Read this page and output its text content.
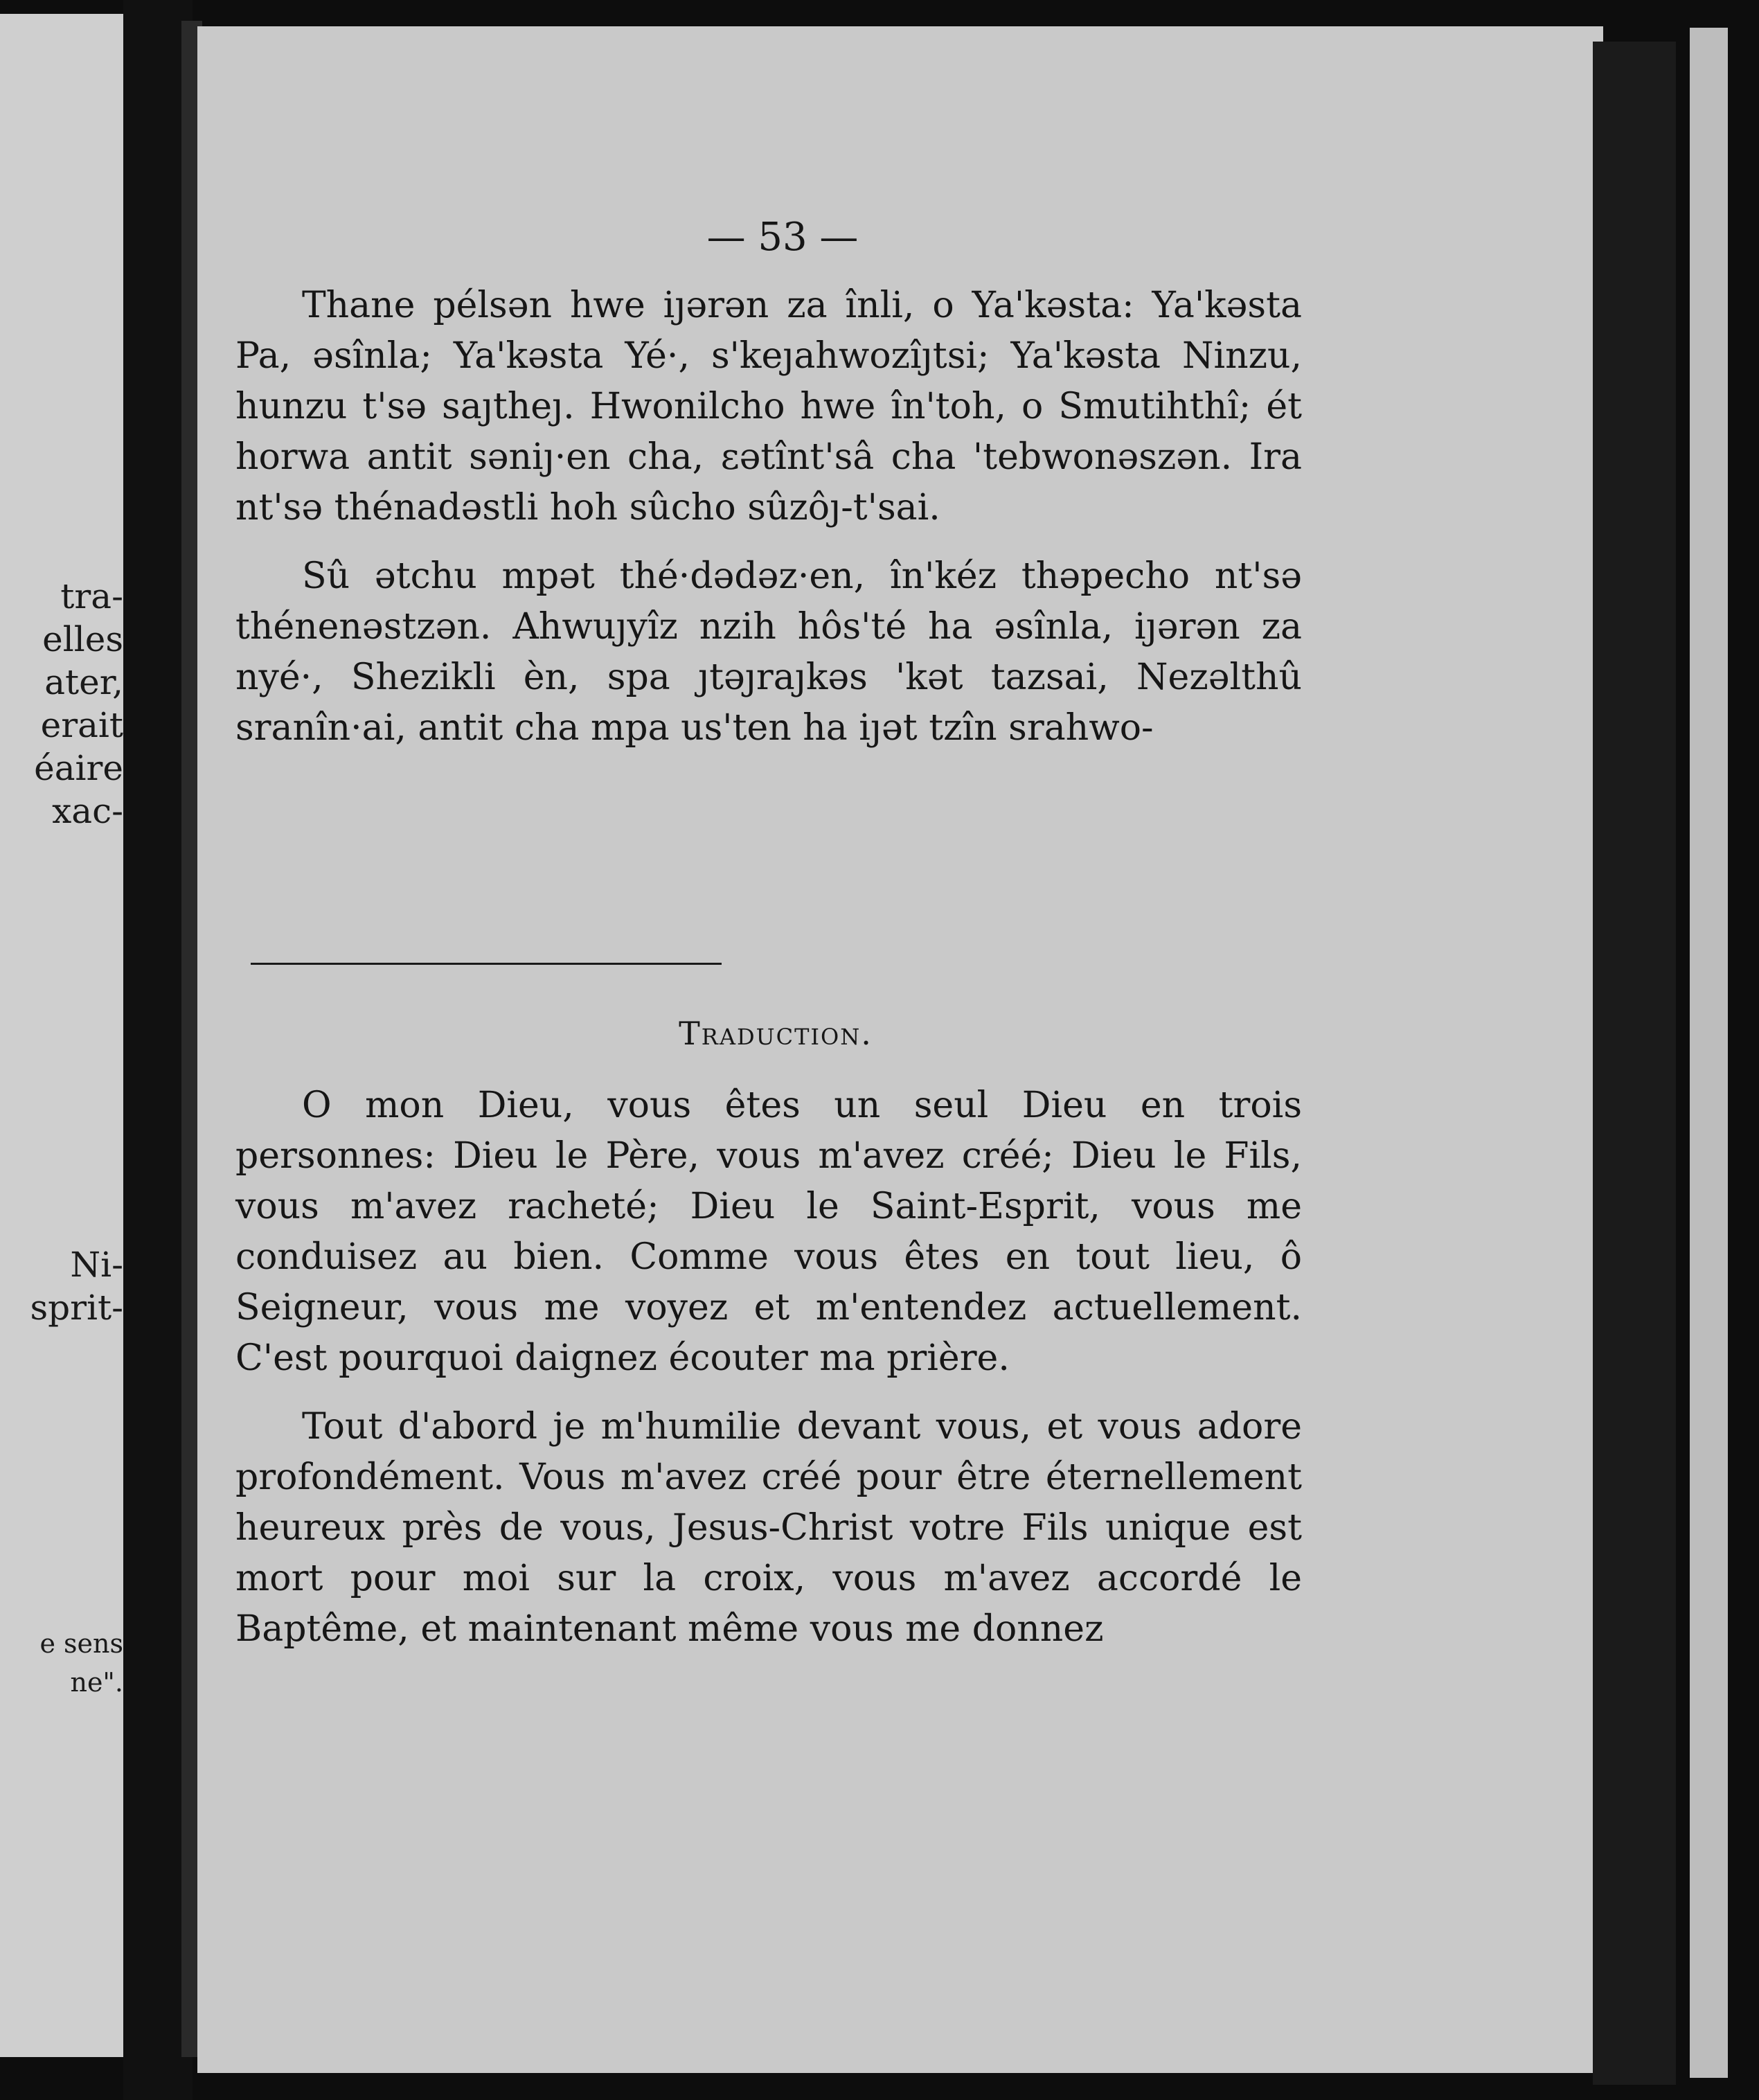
tra-
elles
ater,
erait
éaire
xac-
Ni-
sprit-
e sens
ne".
— 53 —

Thane pélsən hwe iȷərən za înli, o Ya'kəsta: Ya'kəsta Pa, əsînla; Ya'kəsta Yé·, s'keȷahwozîȷtsi; Ya'kəsta Ninzu, hunzu t'sə saȷtheȷ. Hwonilcho hwe în'toh, o Smutihthî; ét horwa antit səniȷ·en cha, ɛətînt'sâ cha 'tebwonəszən. Ira nt'sə thénadəstli hoh sûcho sûzôȷ-t'sai.

Sû ətchu mpət thé·dədəz·en, în'kéz thəpecho nt'sə thénenəstzən. Ahwuȷyîz nzih hôs'té ha əsînla, iȷərən za nyé·, Shezikli èn, spa ȷtəȷraȷkəs 'kət tazsai, Nezəlthû sranîn·ai, antit cha mpa us'ten ha iȷət tzîn srahwo-

Traduction.

O mon Dieu, vous êtes un seul Dieu en trois personnes: Dieu le Père, vous m'avez créé; Dieu le Fils, vous m'avez racheté; Dieu le Saint-Esprit, vous me conduisez au bien. Comme vous êtes en tout lieu, ô Seigneur, vous me voyez et m'entendez actuellement. C'est pourquoi daignez écouter ma prière.

Tout d'abord je m'humilie devant vous, et vous adore profondément. Vous m'avez créé pour être éternellement heureux près de vous, Jesus-Christ votre Fils unique est mort pour moi sur la croix, vous m'avez accordé le Baptême, et maintenant même vous me donnez
